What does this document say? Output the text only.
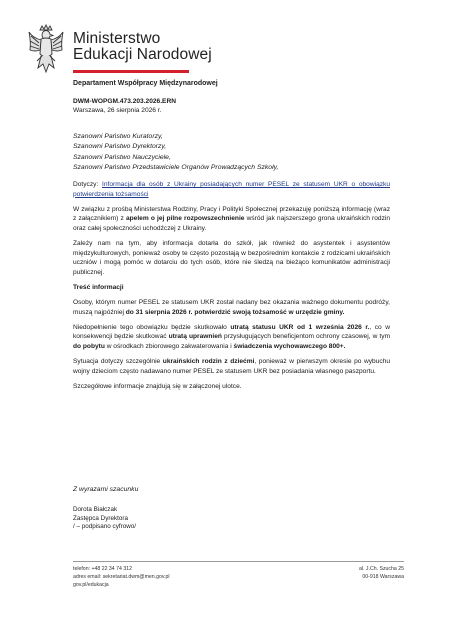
Ministerstwo
Edukacji Narodowej
Departament Współpracy Międzynarodowej
DWM-WOPGM.473.203.2026.ERN
Warszawa, 26 sierpnia 2026 r.
Szanowni Państwo Kuratorzy,
Szanowni Państwo Dyrektorzy,
Szanowni Państwo Nauczyciele,
Szanowni Państwo Przedstawiciele Organów Prowadzących Szkoły,

Dotyczy: Informacja dla osób z Ukrainy posiadających numer PESEL ze statusem UKR o obowiązku potwierdzenia tożsamości

W związku z prośbą Ministerstwa Rodziny, Pracy i Polityki Społecznej przekazuję poniższą informację (wraz z załącznikiem) z apelem o jej pilne rozpowszechnienie wśród jak najszerszego grona ukraińskich rodzin oraz całej społeczności uchodźczej z Ukrainy.

Zależy nam na tym, aby informacja dotarła do szkół, jak również do asystentek i asystentów międzykulturowych, ponieważ osoby te często pozostają w bezpośrednim kontakcie z rodzicami ukraińskich uczniów i mogą pomóc w dotarciu do tych osób, które nie śledzą na bieżąco komunikatów administracji publicznej.

Treść informacji

Osoby, którym numer PESEL ze statusem UKR został nadany bez okazania ważnego dokumentu podróży, muszą najpóźniej do 31 sierpnia 2026 r. potwierdzić swoją tożsamość w urzędzie gminy.

Niedopełnienie tego obowiązku będzie skutkowało utratą statusu UKR od 1 września 2026 r., co w konsekwencji będzie skutkować utratą uprawnień przysługujących beneficjentom ochrony czasowej, w tym do pobytu w ośrodkach zbiorowego zakwaterowania i świadczenia wychowawczego 800+.

Sytuacja dotyczy szczególnie ukraińskich rodzin z dziećmi, ponieważ w pierwszym okresie po wybuchu wojny dzieciom często nadawano numer PESEL ze statusem UKR bez posiadania własnego paszportu.

Szczegółowe informacje znajdują się w załączonej ulotce.

Z wyrazami szacunku
Dorota Białczak
Zastępca Dyrektora
/ – podpisano cyfrowo/
telefon: +48 22 34 74 312
adres email: sekretariat.dwm@men.gov.pl
gov.pl/edukacja
al. J.Ch. Szucha 25
00-918 Warszawa
